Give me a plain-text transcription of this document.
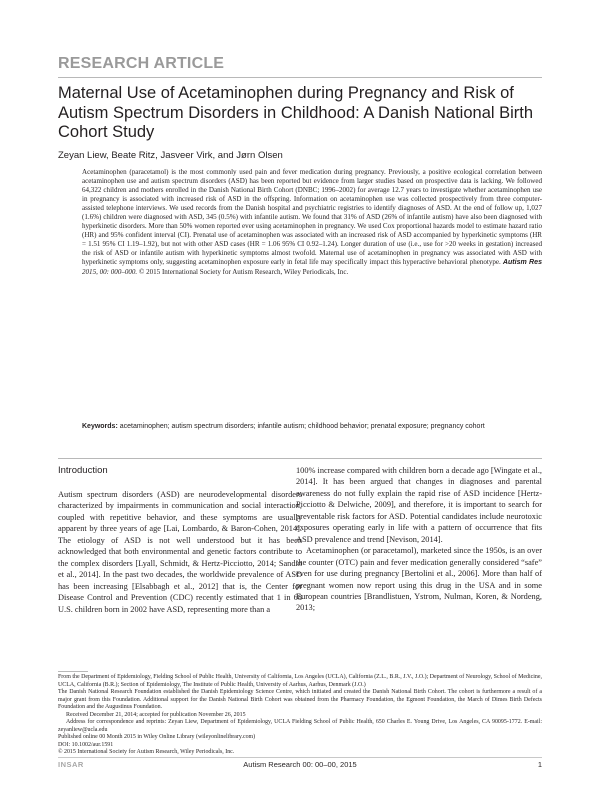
RESEARCH ARTICLE
Maternal Use of Acetaminophen during Pregnancy and Risk of Autism Spectrum Disorders in Childhood: A Danish National Birth Cohort Study
Zeyan Liew, Beate Ritz, Jasveer Virk, and Jørn Olsen

Acetaminophen (paracetamol) is the most commonly used pain and fever medication during pregnancy. Previously, a positive ecological correlation between acetaminophen use and autism spectrum disorders (ASD) has been reported but evidence from larger studies based on prospective data is lacking. We followed 64,322 children and mothers enrolled in the Danish National Birth Cohort (DNBC; 1996–2002) for average 12.7 years to investigate whether acetaminophen use in pregnancy is associated with increased risk of ASD in the offspring. Information on acetaminophen use was collected prospectively from three computer-assisted telephone interviews. We used records from the Danish hospital and psychiatric registries to identify diagnoses of ASD. At the end of follow up, 1,027 (1.6%) children were diagnosed with ASD, 345 (0.5%) with infantile autism. We found that 31% of ASD (26% of infantile autism) have also been diagnosed with hyperkinetic disorders. More than 50% women reported ever using acetaminophen in pregnancy. We used Cox proportional hazards model to estimate hazard ratio (HR) and 95% confident interval (CI). Prenatal use of acetaminophen was associated with an increased risk of ASD accompanied by hyperkinetic symptoms (HR = 1.51 95% CI 1.19–1.92), but not with other ASD cases (HR = 1.06 95% CI 0.92–1.24). Longer duration of use (i.e., use for >20 weeks in gestation) increased the risk of ASD or infantile autism with hyperkinetic symptoms almost twofold. Maternal use of acetaminophen in pregnancy was associated with ASD with hyperkinetic symptoms only, suggesting acetaminophen exposure early in fetal life may specifically impact this hyperactive behavioral phenotype. Autism Res 2015, 00: 000–000. © 2015 International Society for Autism Research, Wiley Periodicals, Inc.

Keywords: acetaminophen; autism spectrum disorders; infantile autism; childhood behavior; prenatal exposure; pregnancy cohort

Introduction

Autism spectrum disorders (ASD) are neurodevelopmental disorders characterized by impairments in communication and social interaction, coupled with repetitive behavior, and these symptoms are usually apparent by three years of age [Lai, Lombardo, & Baron-Cohen, 2014]. The etiology of ASD is not well understood but it has been acknowledged that both environmental and genetic factors contribute to the complex disorders [Lyall, Schmidt, & Hertz-Picciotto, 2014; Sandin et al., 2014]. In the past two decades, the worldwide prevalence of ASD has been increasing [Elsabbagh et al., 2012] that is, the Center for Disease Control and Prevention (CDC) recently estimated that 1 in 68 U.S. children born in 2002 have ASD, representing more than a

100% increase compared with children born a decade ago [Wingate et al., 2014]. It has been argued that changes in diagnoses and parental awareness do not fully explain the rapid rise of ASD incidence [Hertz-Picciotto & Delwiche, 2009], and therefore, it is important to search for preventable risk factors for ASD. Potential candidates include neurotoxic exposures operating early in life with a pattern of occurrence that fits ASD prevalence and trend [Nevison, 2014].

Acetaminophen (or paracetamol), marketed since the 1950s, is an over the counter (OTC) pain and fever medication generally considered “safe” even for use during pregnancy [Bertolini et al., 2006]. More than half of pregnant women now report using this drug in the USA and in some European countries [Brandlistuen, Ystrom, Nulman, Koren, & Nordeng, 2013;

From the Department of Epidemiology, Fielding School of Public Health, University of California, Los Angeles (UCLA), California (Z.L., B.R., J.V., J.O.); Department of Neurology, School of Medicine, UCLA, California (B.R.); Section of Epidemiology, The Institute of Public Health, University of Aarhus, Aarhus, Denmark (J.O.)

The Danish National Research Foundation established the Danish Epidemiology Science Centre, which initiated and created the Danish National Birth Cohort. The cohort is furthermore a result of a major grant from this Foundation. Additional support for the Danish National Birth Cohort was obtained from the Pharmacy Foundation, the Egmont Foundation, the March of Dimes Birth Defects Foundation and the Augustinus Foundation.

Received December 21, 2014; accepted for publication November 26, 2015

Address for correspondence and reprints: Zeyan Liew, Department of Epidemiology, UCLA Fielding School of Public Health, 650 Charles E. Young Drive, Los Angeles, CA 90095-1772. E-mail: zeyanliew@ucla.edu

Published online 00 Month 2015 in Wiley Online Library (wileyonlinelibrary.com)

DOI: 10.1002/aur.1591

© 2015 International Society for Autism Research, Wiley Periodicals, Inc.

INSAR	Autism Research 00: 00–00, 2015	1
